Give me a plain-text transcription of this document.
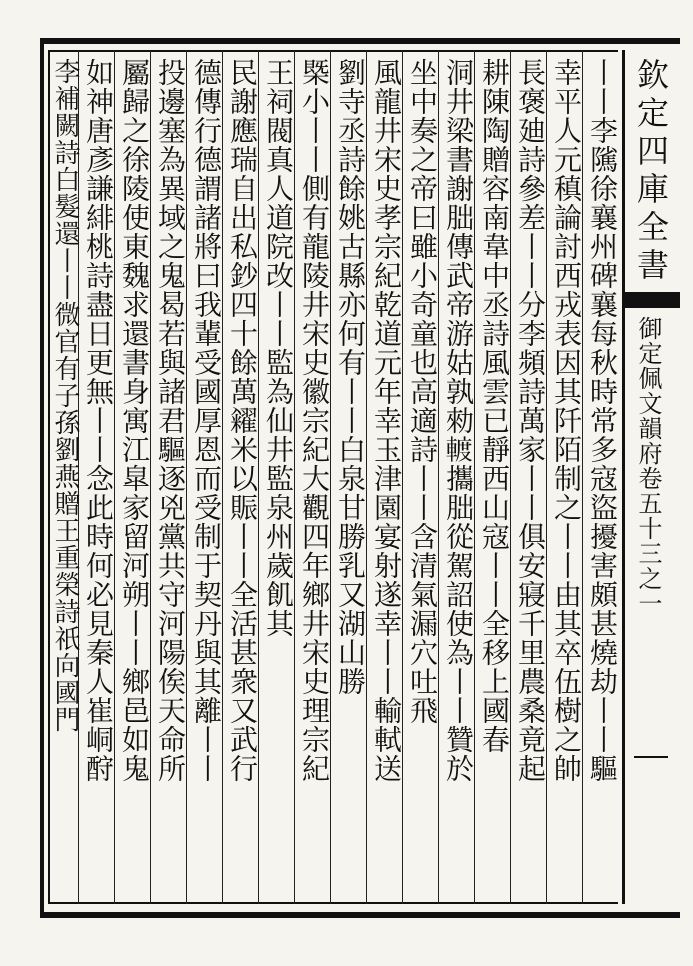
欽定四庫全書
御定佩文韻府卷五十三之一
丨丨李隲徐襄州碑襄每秋時常多寇盜擾害頗甚燒劫丨丨驅
幸平人元稹論討西戎表因其阡陌制之丨丨由其卒伍樹之帥
長褒廸詩參差丨丨分李頻詩萬家丨丨俱安寢千里農桑竟起
耕陳陶贈容南韋中丞詩風雲已靜西山寇丨丨全移上國春
洞井梁書謝朏傳武帝游姑孰勑𨍏攜朏從駕詔使為丨丨贊於
坐中奏之帝曰雖小奇童也高適詩丨丨含清氣漏穴吐飛
風龍井宋史孝宗紀乾道元年幸玉津園宴射遂幸丨丨輸軾送
劉寺丞詩餘姚古縣亦何有丨丨白泉甘勝乳又湖山勝
槩小丨丨側有龍陵井宋史徽宗紀大觀四年鄉井宋史理宗紀
王祠閥真人道院改丨丨監為仙井監泉州歲飢其
民謝應瑞自出私鈔四十餘萬糴米以賑丨丨全活甚衆又武行
德傳行德謂諸將曰我輩受國厚恩而受制于契丹與其離丨丨
投邊塞為異域之鬼曷若與諸君驅逐兇黨共守河陽俟天命所
屬歸之徐陵使東魏求還書身寓江皐家留河朔丨丨鄉邑如鬼
如神唐彥謙緋桃詩盡日更無丨丨念此時何必見秦人崔峒酧
李補闕詩白髮還丨丨微官有子孫劉燕贈王重榮詩祇向國門
